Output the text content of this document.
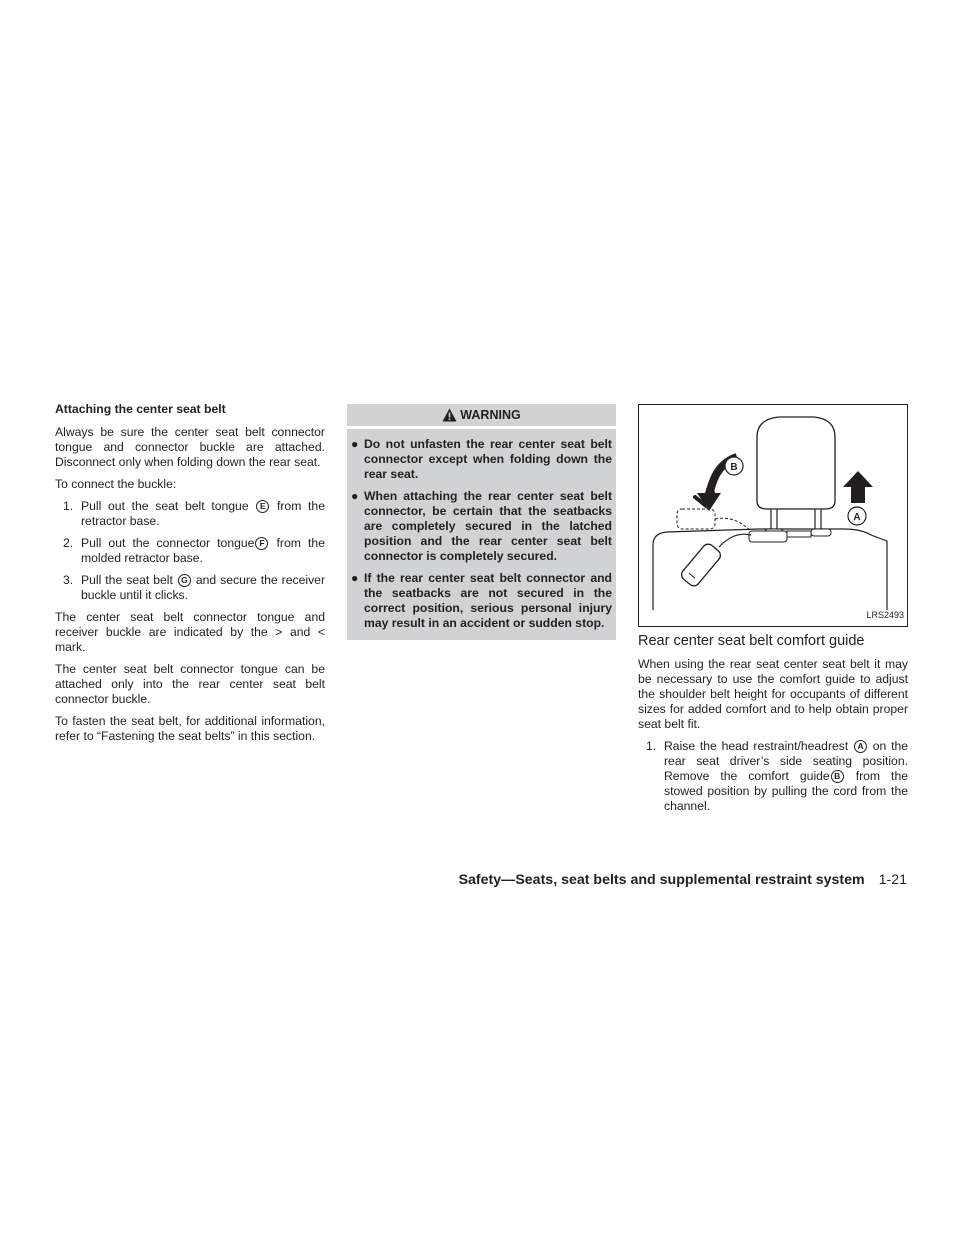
Attaching the center seat belt

Always be sure the center seat belt connector tongue and connector buckle are attached. Disconnect only when folding down the rear seat.

To connect the buckle:

1. Pull out the seat belt tongue E from the retractor base.
2. Pull out the connector tongue F from the molded retractor base.
3. Pull the seat belt G and secure the receiver buckle until it clicks.

The center seat belt connector tongue and receiver buckle are indicated by the > and < mark.

The center seat belt connector tongue can be attached only into the rear center seat belt connector buckle.

To fasten the seat belt, for additional information, refer to “Fastening the seat belts” in this section.

WARNING
● Do not unfasten the rear center seat belt connector except when folding down the rear seat.
● When attaching the rear center seat belt connector, be certain that the seatbacks are completely secured in the latched position and the rear center seat belt connector is completely secured.
● If the rear center seat belt connector and the seatbacks are not secured in the correct position, serious personal injury may result in an accident or sudden stop.
B
A
LRS2493
Rear center seat belt comfort guide

When using the rear seat center seat belt it may be necessary to use the comfort guide to adjust the shoulder belt height for occupants of different sizes for added comfort and to help obtain proper seat belt fit.

1. Raise the head restraint/headrest A on the rear seat driver’s side seating position. Remove the comfort guide B from the stowed position by pulling the cord from the channel.
Safety—Seats, seat belts and supplemental restraint system 1-21
